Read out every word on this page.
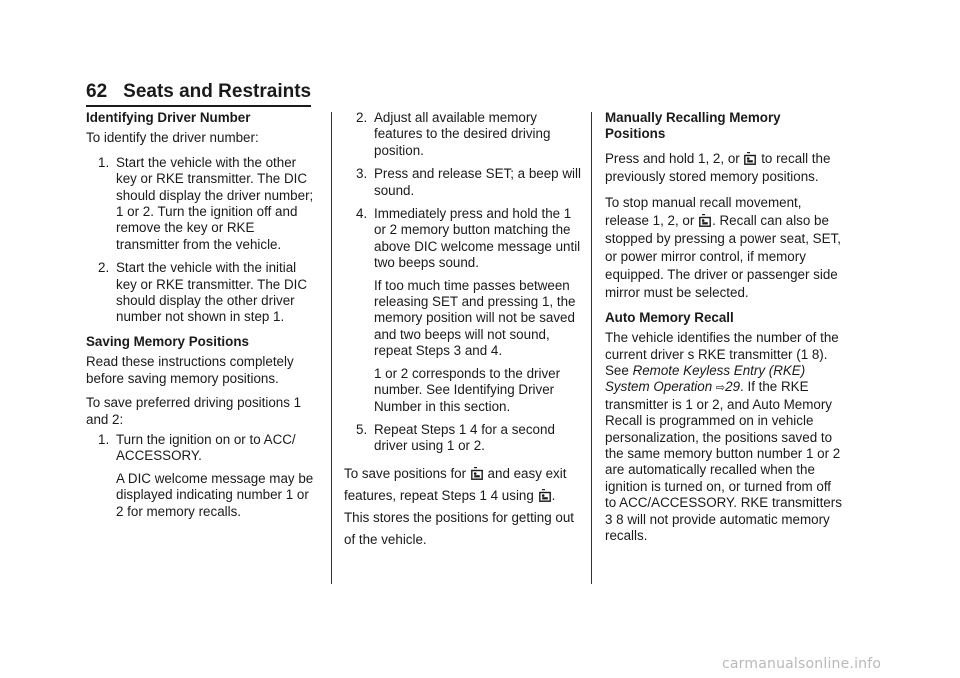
62 Seats and Restraints

Identifying Driver Number

To identify the driver number:

1. Start the vehicle with the other key or RKE transmitter. The DIC should display the driver number; 1 or 2. Turn the ignition off and remove the key or RKE transmitter from the vehicle.
2. Start the vehicle with the initial key or RKE transmitter. The DIC should display the other driver number not shown in step 1.

Saving Memory Positions

Read these instructions completely before saving memory positions.

To save preferred driving positions 1 and 2:

1. Turn the ignition on or to ACC/ ACCESSORY.
A DIC welcome message may be displayed indicating number 1 or 2 for memory recalls.
2. Adjust all available memory features to the desired driving position.
3. Press and release SET; a beep will sound.
4. Immediately press and hold the 1 or 2 memory button matching the above DIC welcome message until two beeps sound.
If too much time passes between releasing SET and pressing 1, the memory position will not be saved and two beeps will not sound, repeat Steps 3 and 4.
1 or 2 corresponds to the driver number. See Identifying Driver Number in this section.
5. Repeat Steps 1 4 for a second driver using 1 or 2.

To save positions for and easy exit features, repeat Steps 1 4 using . This stores the positions for getting out of the vehicle.

Manually Recalling Memory Positions

Press and hold 1, 2, or to recall the previously stored memory positions.

To stop manual recall movement, release 1, 2, or . Recall can also be stopped by pressing a power seat, SET, or power mirror control, if memory equipped. The driver or passenger side mirror must be selected.

Auto Memory Recall

The vehicle identifies the number of the current driver s RKE transmitter (1 8). See Remote Keyless Entry (RKE) System Operation ⇨29. If the RKE transmitter is 1 or 2, and Auto Memory Recall is programmed on in vehicle personalization, the positions saved to the same memory button number 1 or 2 are automatically recalled when the ignition is turned on, or turned from off to ACC/ACCESSORY. RKE transmitters 3 8 will not provide automatic memory recalls.

carmanualsonline.info
